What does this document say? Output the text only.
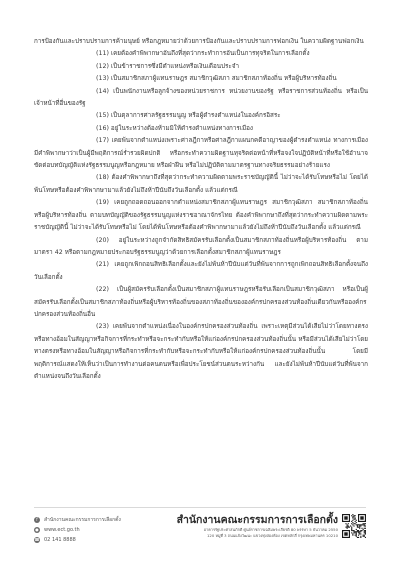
การป้องกันและปราบปรามการค้ามนุษย์ หรือกฎหมายว่าด้วยการป้องกันและปราบปรามการฟอกเงิน ในความผิดฐานฟอกเงิน

(11) เคยต้องคำพิพากษาอันถึงที่สุดว่ากระทำการอันเป็นการทุจริตในการเลือกตั้ง

(12) เป็นข้าราชการซึ่งมีตำแหน่งหรือเงินเดือนประจำ

(13) เป็นสมาชิกสภาผู้แทนราษฎร สมาชิกวุฒิสภา สมาชิกสภาท้องถิ่น หรือผู้บริหารท้องถิ่น

(14) เป็นพนักงานหรือลูกจ้างของหน่วยราชการ หน่วยงานของรัฐ หรือราชการส่วนท้องถิ่น หรือเป็นเจ้าหน้าที่อื่นของรัฐ

(15) เป็นตุลาการศาลรัฐธรรมนูญ หรือผู้ดำรงตำแหน่งในองค์กรอิสระ

(16) อยู่ในระหว่างต้องห้ามมิให้ดำรงตำแหน่งทางการเมือง

(17) เคยพ้นจากตำแหน่งเพราะศาลฎีกาหรือศาลฎีกาแผนกคดีอาญาของผู้ดำรงตำแหน่ง ทางการเมืองมีคำพิพากษาว่าเป็นผู้มีพฤติการณ์ร่ำรวยผิดปกติ หรือกระทำความผิดฐานทุจริตต่อหน้าที่หรือจงใจปฏิบัติหน้าที่หรือใช้อำนาจขัดต่อบทบัญญัติแห่งรัฐธรรมนูญหรือกฎหมาย หรือฝ่าฝืน หรือไม่ปฏิบัติตามมาตรฐานทางจริยธรรมอย่างร้ายแรง

(18) ต้องคำพิพากษาถึงที่สุดว่ากระทำความผิดตามพระราชบัญญัตินี้ ไม่ว่าจะได้รับโทษหรือไม่ โดยได้พ้นโทษหรือต้องคำพิพากษามาแล้วยังไม่ถึงห้าปีนับถึงวันเลือกตั้ง แล้วแต่กรณี

(19) เคยถูกถอดถอนออกจากตำแหน่งสมาชิกสภาผู้แทนราษฎร สมาชิกวุฒิสภา สมาชิกสภาท้องถิ่น หรือผู้บริหารท้องถิ่น ตามบทบัญญัติของรัฐธรรมนูญแห่งราชอาณาจักรไทย ต้องคำพิพากษาถึงที่สุดว่ากระทำความผิดตามพระราชบัญญัตินี้ ไม่ว่าจะได้รับโทษหรือไม่ โดยได้พ้นโทษหรือต้องคำพิพากษามาแล้วยังไม่ถึงห้าปีนับถึงวันเลือกตั้ง แล้วแต่กรณี

(20) อยู่ในระหว่างถูกจำกัดสิทธิสมัครรับเลือกตั้งเป็นสมาชิกสภาท้องถิ่นหรือผู้บริหารท้องถิ่น ตามมาตรา 42 หรือตามกฎหมายประกอบรัฐธรรมนูญว่าด้วยการเลือกตั้งสมาชิกสภาผู้แทนราษฎร

(21) เคยถูกเพิกถอนสิทธิเลือกตั้งและยังไม่พ้นห้าปีนับแต่วันที่พ้นจากการถูกเพิกถอนสิทธิเลือกตั้งจนถึงวันเลือกตั้ง

(22) เป็นผู้สมัครรับเลือกตั้งเป็นสมาชิกสภาผู้แทนราษฎรหรือรับเลือกเป็นสมาชิกวุฒิสภา หรือเป็นผู้สมัครรับเลือกตั้งเป็นสมาชิกสภาท้องถิ่นหรือผู้บริหารท้องถิ่นของสภาท้องถิ่นขององค์กรปกครองส่วนท้องถิ่นเดียวกันหรือองค์กรปกครองส่วนท้องถิ่นอื่น

(23) เคยพ้นจากตำแหน่งเนื่องในองค์กรปกครองส่วนท้องถิ่น เพราะเหตุมีส่วนได้เสียไม่ว่าโดยทางตรงหรือทางอ้อมในสัญญาหรือกิจการที่กระทำหรือจะกระทำกับหรือให้แก่องค์กรปกครองส่วนท้องถิ่นนั้น หรือมีส่วนได้เสียไม่ว่าโดยทางตรงหรือทางอ้อมในสัญญาหรือกิจการที่กระทำกับหรือจะกระทำกับหรือให้แก่องค์กรปกครองส่วนท้องถิ่นนั้น โดยมีพฤติการณ์แสดงให้เห็นว่าเป็นการทำงานต่อคนตนหรือเพื่อประโยชน์ส่วนตนระหว่างกัน และยังไม่พ้นห้าปีนับแต่วันที่พ้นจากตำแหน่งจนถึงวันเลือกตั้ง

f	สำนักงานคณะกรรมการการเลือกตั้ง
● www.ect.go.th
☎ 02 141 8888
สำนักงานคณะกรรมการการเลือกตั้ง
อาคารรัฐประศาสนภักดี ศูนย์ราชการเฉลิมพระเกียรติ 80 พรรษา 5 ธันวาคม 2550
120 หมู่ที่ 3 ถนนแจ้งวัฒนะ แขวงทุ่งสองห้อง เขตหลักสี่ กรุงเทพมหานคร 10210
